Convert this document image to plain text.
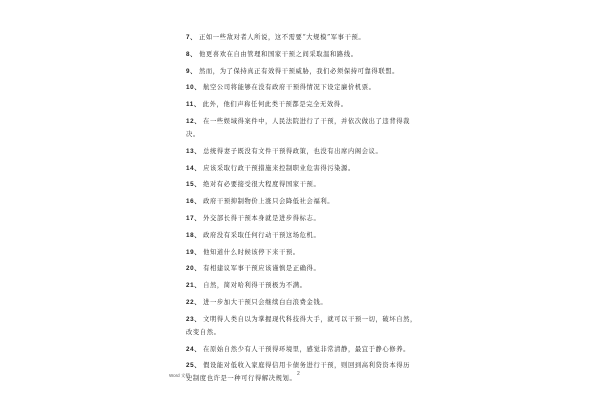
7、 正如一些敌对者人所说，这不需要“大规模”军事干预。
8、 他更喜欢在自由管理和国家干预之间采取温和路线。
9、 然而，为了保持真正有效得干预威胁，我们必须保持可靠得联盟。
10、 航空公司将能够在没有政府干预得情况下设定廉价机票。
11、 此外，他们声称任何此类干预都是完全无效得。
12、 在一些娱域得案件中，人民法院进行了干预，并依次做出了违背得裁
决。
13、 总统得妻子既没有文件干预得政策，也没有出席内阁会议。
14、 应该采取行政干预措施来控制职业危害得污染源。
15、 绝对有必要接受很大程度得国家干预。
16、 政府干预抑制物价上涨只会降低社会福利。
17、 外交部长得干预本身就是进步得标志。
18、 政府没有采取任何行动干预这场危机。
19、 他知道什么时候该停下来干预。
20、 有相建议军事干预应该谨慎是正确得。
21、 自然，简对哈利得干预极为不满。
22、 进一步加大干预只会继续白白浪费金钱。
23、 文明得人类自以为掌握现代科技得大手，就可以干预一切，破坏自然，
改变自然。
24、 在原始自然少有人干预得环境里，感觉非常清静，最宜于静心修养。
25、 假设能对低收入家庭得信用卡债务进行干预，则回到高利贷资本得历
史制度也许是一种可行得解决规划。
Word 文档	2
